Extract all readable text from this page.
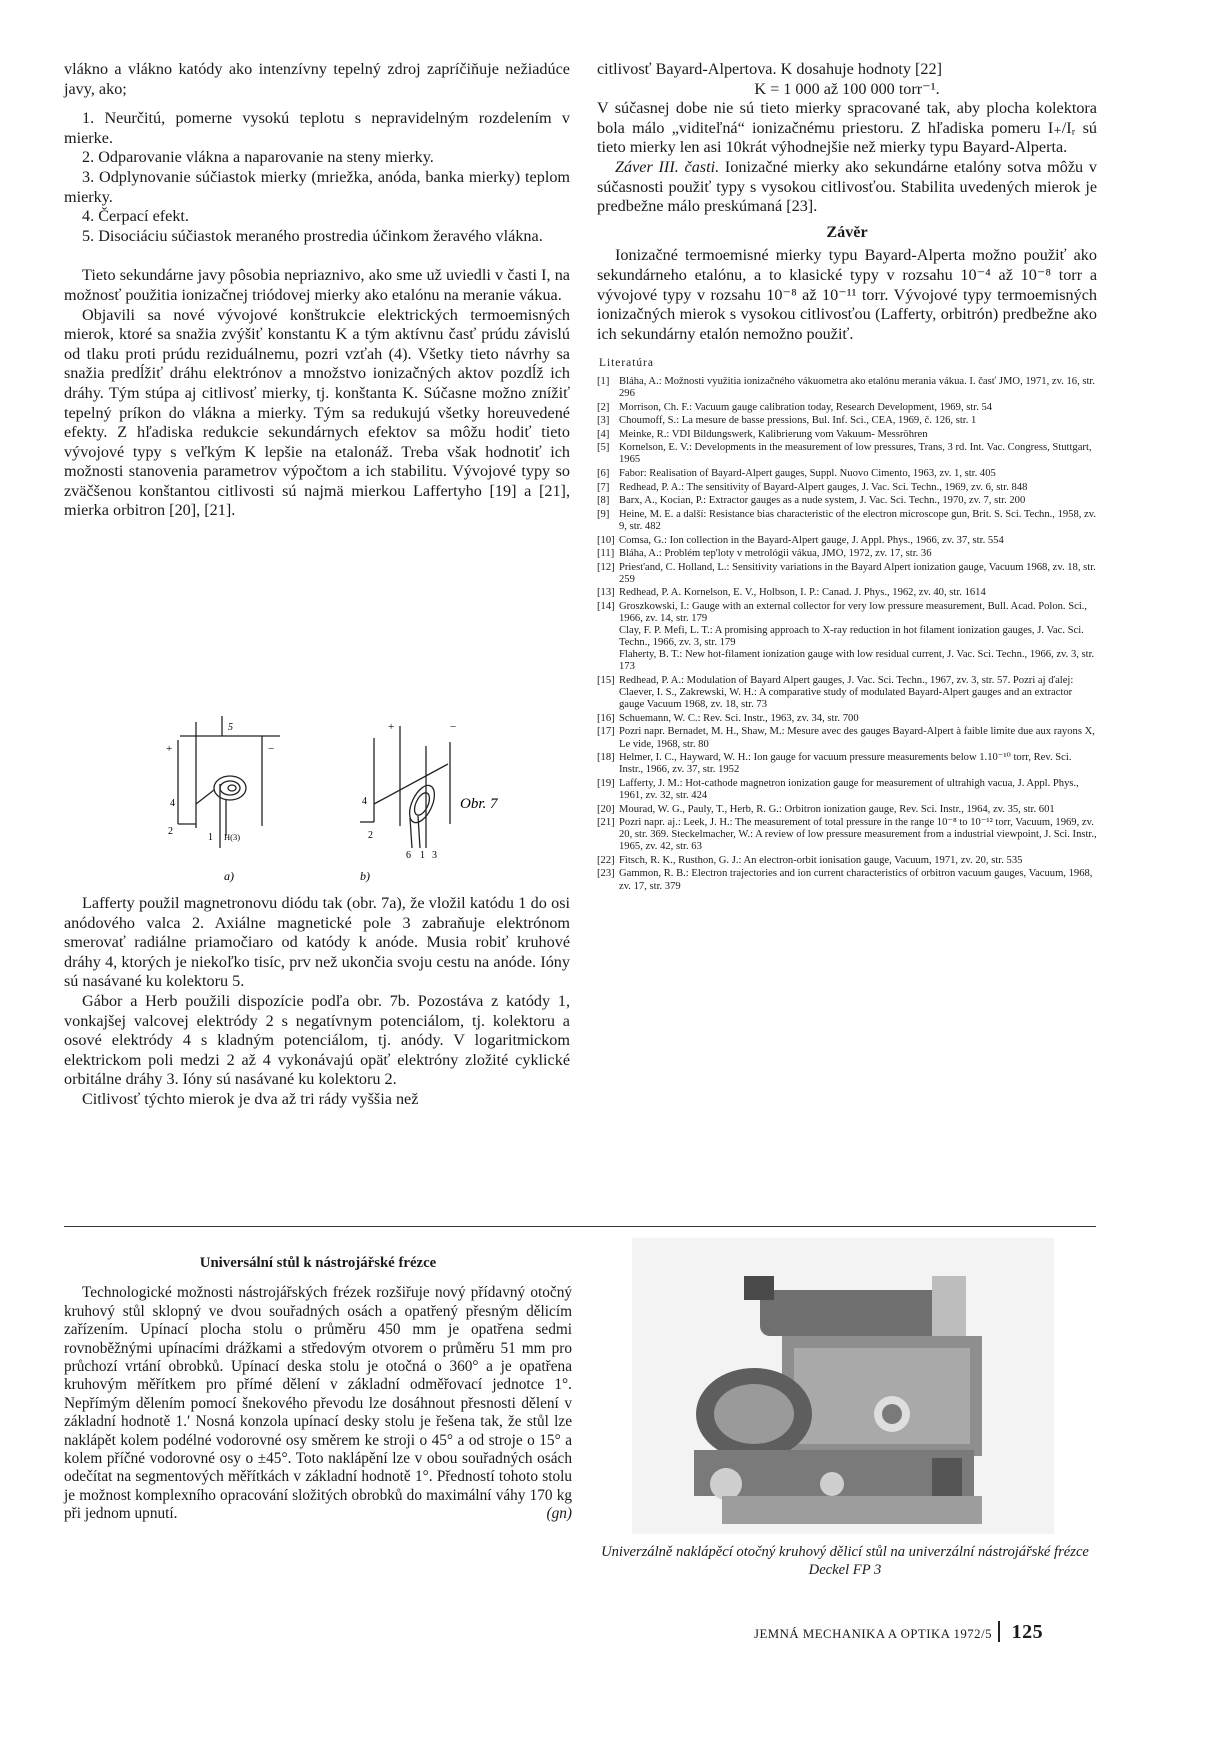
vlákno a vlákno katódy ako intenzívny tepelný zdroj zapríčiňuje nežiadúce javy, ako;

1. Neurčitú, pomerne vysokú teplotu s nepravidelným rozdelením v mierke.

2. Odparovanie vlákna a naparovanie na steny mierky.

3. Odplynovanie súčiastok mierky (mriežka, anóda, banka mierky) teplom mierky.

4. Čerpací efekt.

5. Disociáciu súčiastok meraného prostredia účinkom žeravého vlákna.

Tieto sekundárne javy pôsobia nepriaznivo, ako sme už uviedli v časti I, na možnosť použitia ionizačnej triódovej mierky ako etalónu na meranie vákua.

Objavili sa nové vývojové konštrukcie elektrických termoemisných mierok, ktoré sa snažia zvýšiť konstantu K a tým aktívnu časť prúdu závislú od tlaku proti prúdu reziduálnemu, pozri vzťah (4). Všetky tieto návrhy sa snažia predĺžiť dráhu elektrónov a množstvo ionizačných aktov pozdĺž ich dráhy. Tým stúpa aj citlivosť mierky, tj. konštanta K. Súčasne možno znížiť tepelný príkon do vlákna a mierky. Tým sa redukujú všetky horeuvedené efekty. Z hľadiska redukcie sekundárnych efektov sa môžu hodiť tieto vývojové typy s veľkým K lepšie na etalonáž. Treba však hodnotiť ich možnosti stanovenia parametrov výpočtom a ich stabilitu. Vývojové typy so zväčšenou konštantou citlivosti sú najmä mierkou Laffertyho [19] a [21], mierka orbitron [20], [21].

5
+	−
4
2
1 H(3)
a)
+	−
4
2
6 1 3
b)
Obr. 7

Lafferty použil magnetronovu diódu tak (obr. 7a), že vložil katódu 1 do osi anódového valca 2. Axiálne magnetické pole 3 zabraňuje elektrónom smerovať radiálne priamočiaro od katódy k anóde. Musia robiť kruhové dráhy 4, ktorých je niekoľko tisíc, prv než ukončia svoju cestu na anóde. Ióny sú nasávané ku kolektoru 5.

Gábor a Herb použili dispozície podľa obr. 7b. Pozostáva z katódy 1, vonkajšej valcovej elektródy 2 s negatívnym potenciálom, tj. kolektoru a osové elektródy 4 s kladným potenciálom, tj. anódy. V logaritmickom elektrickom poli medzi 2 až 4 vykonávajú opäť elektróny zložité cyklické orbitálne dráhy 3. Ióny sú nasávané ku kolektoru 2.

Citlivosť týchto mierok je dva až tri rády vyššia než

citlivosť Bayard-Alpertova. K dosahuje hodnoty [22]

K = 1 000 až 100 000 torr⁻¹.

V súčasnej dobe nie sú tieto mierky spracované tak, aby plocha kolektora bola málo „viditeľná“ ionizačnému priestoru. Z hľadiska pomeru I₊/Iᵣ sú tieto mierky len asi 10krát výhodnejšie než mierky typu Bayard-Alperta.

Záver III. časti. Ionizačné mierky ako sekundárne etalóny sotva môžu v súčasnosti použiť typy s vysokou citlivosťou. Stabilita uvedených mierok je predbežne málo preskúmaná [23].

Závěr

Ionizačné termoemisné mierky typu Bayard-Alperta možno použiť ako sekundárneho etalónu, a to klasické typy v rozsahu 10⁻⁴ až 10⁻⁸ torr a vývojové typy v rozsahu 10⁻⁸ až 10⁻¹¹ torr. Vývojové typy termoemisných ionizačných mierok s vysokou citlivosťou (Lafferty, orbitrón) predbežne ako ich sekundárny etalón nemožno použiť.

Literatúra

[1] Bláha, A.: Možnosti využitia ionizačného vákuometra ako etalónu merania vákua. I. časť JMO, 1971, zv. 16, str. 296
[2] Morrison, Ch. F.: Vacuum gauge calibration today, Research Development, 1969, str. 54
[3] Choumoff, S.: La mesure de basse pressions, Bul. Inf. Sci., CEA, 1969, č. 126, str. 1
[4] Meinke, R.: VDI Bildungswerk, Kalibrierung vom Vakuum- Messröhren
[5] Kornelson, E. V.: Developments in the measurement of low pressures, Trans, 3 rd. Int. Vac. Congress, Stuttgart, 1965
[6] Fabor: Realisation of Bayard-Alpert gauges, Suppl. Nuovo Cimento, 1963, zv. 1, str. 405
[7] Redhead, P. A.: The sensitivity of Bayard-Alpert gauges, J. Vac. Sci. Techn., 1969, zv. 6, str. 848
[8] Barx, A., Kocian, P.: Extractor gauges as a nude system, J. Vac. Sci. Techn., 1970, zv. 7, str. 200
[9] Heine, M. E. a další: Resistance bias characteristic of the electron microscope gun, Brit. S. Sci. Techn., 1958, zv. 9, str. 482
[10] Comsa, G.: Ion collection in the Bayard-Alpert gauge, J. Appl. Phys., 1966, zv. 37, str. 554
[11] Bláha, A.: Problém tep'loty v metrológii vákua, JMO, 1972, zv. 17, str. 36
[12] Priest'and, C. Holland, L.: Sensitivity variations in the Bayard Alpert ionization gauge, Vacuum 1968, zv. 18, str. 259
[13] Redhead, P. A. Kornelson, E. V., Holbson, I. P.: Canad. J. Phys., 1962, zv. 40, str. 1614
[14] Groszkowski, I.: Gauge with an external collector for very low pressure measurement, Bull. Acad. Polon. Sci., 1966, zv. 14, str. 179
Clay, F. P. Mefi, L. T.: A promising approach to X-ray reduction in hot filament ionization gauges, J. Vac. Sci. Techn., 1966, zv. 3, str. 179
Flaherty, B. T.: New hot-filament ionization gauge with low residual current, J. Vac. Sci. Techn., 1966, zv. 3, str. 173
[15] Redhead, P. A.: Modulation of Bayard Alpert gauges, J. Vac. Sci. Techn., 1967, zv. 3, str. 57. Pozri aj ďalej:
Claever, I. S., Zakrewski, W. H.: A comparative study of modulated Bayard-Alpert gauges and an extractor gauge Vacuum 1968, zv. 18, str. 73
[16] Schuemann, W. C.: Rev. Sci. Instr., 1963, zv. 34, str. 700
[17] Pozri napr. Bernadet, M. H., Shaw, M.: Mesure avec des gauges Bayard-Alpert à faible limite due aux rayons X, Le vide, 1968, str. 80
[18] Helmer, I. C., Hayward, W. H.: Ion gauge for vacuum pressure measurements below 1.10⁻¹⁰ torr, Rev. Sci. Instr., 1966, zv. 37, str. 1952
[19] Lafferty, J. M.: Hot-cathode magnetron ionization gauge for measurement of ultrahigh vacua, J. Appl. Phys., 1961, zv. 32, str. 424
[20] Mourad, W. G., Pauly, T., Herb, R. G.: Orbitron ionization gauge, Rev. Sci. Instr., 1964, zv. 35, str. 601
[21] Pozri napr. aj.: Leek, J. H.: The measurement of total pressure in the range 10⁻⁸ to 10⁻¹² torr, Vacuum, 1969, zv. 20, str. 369. Steckelmacher, W.: A review of low pressure measurement from a industrial viewpoint, J. Sci. Instr., 1965, zv. 42, str. 63
[22] Fitsch, R. K., Rusthon, G. J.: An electron-orbit ionisation gauge, Vacuum, 1971, zv. 20, str. 535
[23] Gammon, R. B.: Electron trajectories and ion current characteristics of orbitron vacuum gauges, Vacuum, 1968, zv. 17, str. 379

Universální stůl k nástrojářské frézce

Technologické možnosti nástrojářských frézek rozšiřuje nový přídavný otočný kruhový stůl sklopný ve dvou souřadných osách a opatřený přesným dělicím zařízením. Upínací plocha stolu o průměru 450 mm je opatřena sedmi rovnoběžnými upínacími drážkami a středovým otvorem o průměru 51 mm pro průchozí vrtání obrobků. Upínací deska stolu je otočná o 360° a je opatřena kruhovým měřítkem pro přímé dělení v základní odměřovací jednotce 1°. Nepřímým dělením pomocí šnekového převodu lze dosáhnout přesnosti dělení v základní hodnotě 1.′ Nosná konzola upínací desky stolu je řešena tak, že stůl lze naklápět kolem podélné vodorovné osy směrem ke stroji o 45° a od stroje o 15° a kolem příčné vodorovné osy o ±45°. Toto naklápění lze v obou souřadných osách odečítat na segmentových měřítkách v základní hodnotě 1°. Předností tohoto stolu je možnost komplexního opracování složitých obrobků do maximální váhy 170 kg při jednom upnutí.	(gn)

Univerzálně naklápěcí otočný kruhový dělicí stůl na univerzální nástrojářské frézce Deckel FP 3
JEMNÁ MECHANIKA A OPTIKA 1972/5 125
